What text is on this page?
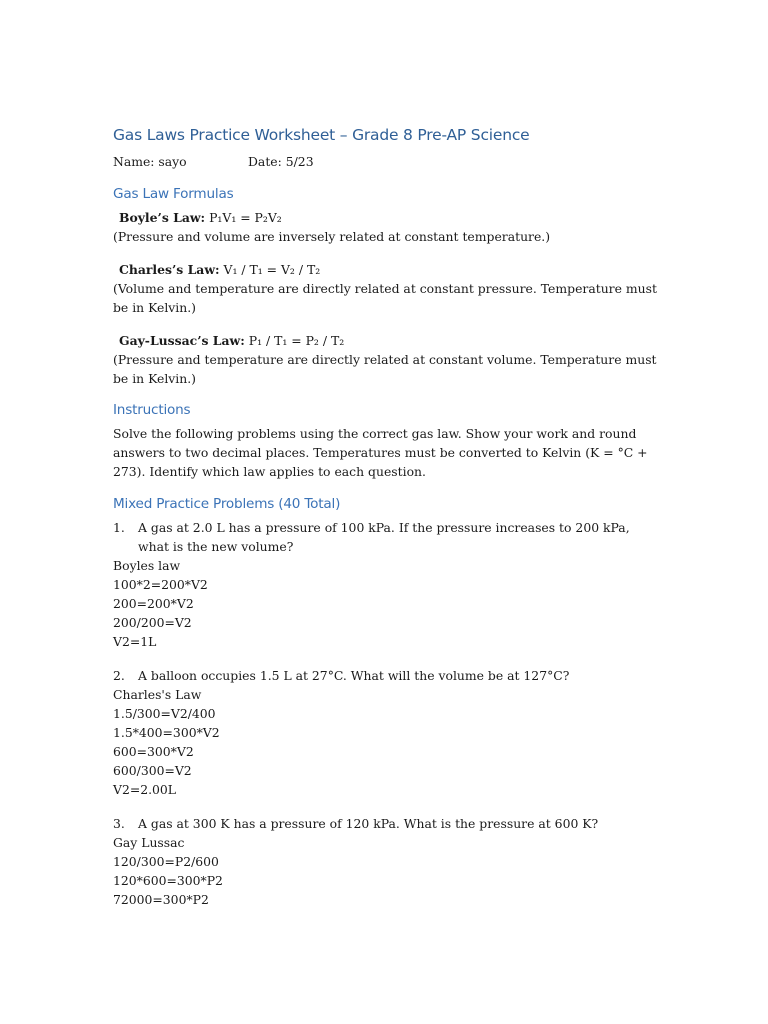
Gas Laws Practice Worksheet – Grade 8 Pre-AP Science
Name: sayo	Date: 5/23
Gas Law Formulas

Boyle’s Law: P₁V₁ = P₂V₂

(Pressure and volume are inversely related at constant temperature.)

Charles’s Law: V₁ / T₁ = V₂ / T₂

(Volume and temperature are directly related at constant pressure. Temperature must be in Kelvin.)

Gay-Lussac’s Law: P₁ / T₁ = P₂ / T₂

(Pressure and temperature are directly related at constant volume. Temperature must be in Kelvin.)

Instructions

Solve the following problems using the correct gas law. Show your work and round answers to two decimal places. Temperatures must be converted to Kelvin (K = °C + 273). Identify which law applies to each question.

Mixed Practice Problems (40 Total)
1.	A gas at 2.0 L has a pressure of 100 kPa. If the pressure increases to 200 kPa, what is the new volume?

Boyles law

100*2=200*V2

200=200*V2

200/200=V2

V2=1L

2.	A balloon occupies 1.5 L at 27°C. What will the volume be at 127°C?

Charles's Law

1.5/300=V2/400

1.5*400=300*V2

600=300*V2

600/300=V2

V2=2.00L

3.	A gas at 300 K has a pressure of 120 kPa. What is the pressure at 600 K?

Gay Lussac

120/300=P2/600

120*600=300*P2

72000=300*P2
